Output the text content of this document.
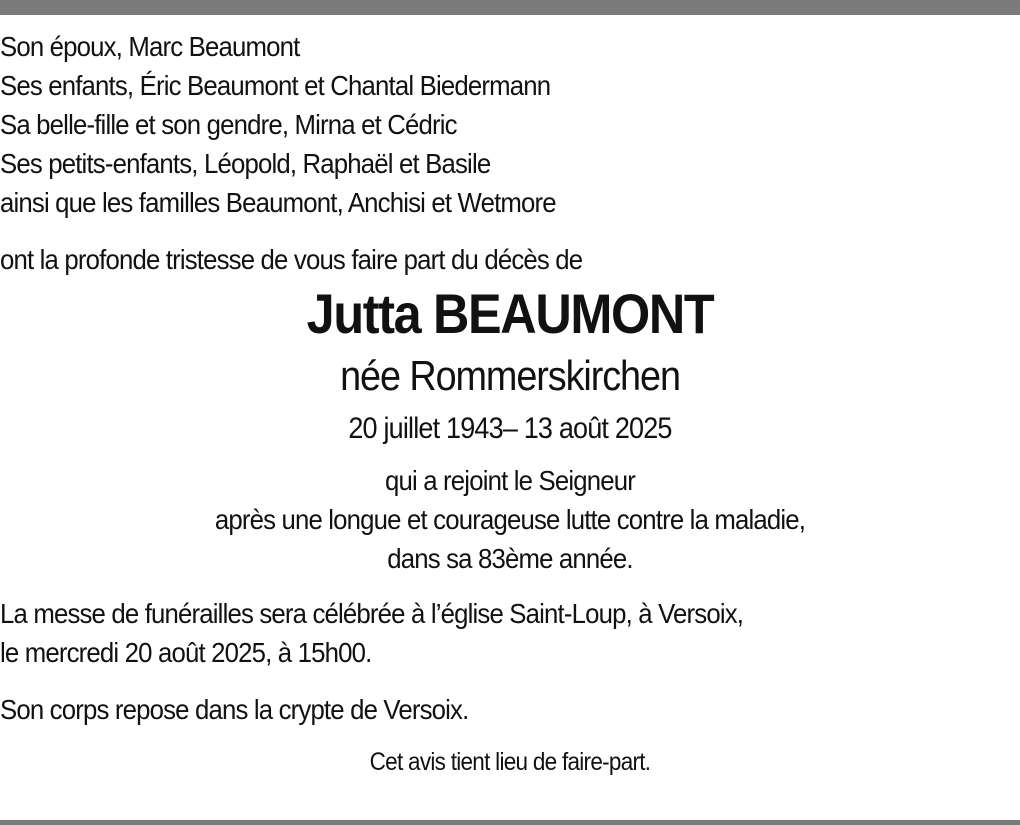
Son époux, Marc Beaumont
Ses enfants, Éric Beaumont et Chantal Biedermann
Sa belle-fille et son gendre, Mirna et Cédric
Ses petits-enfants, Léopold, Raphaël et Basile
ainsi que les familles Beaumont, Anchisi et Wetmore
ont la profonde tristesse de vous faire part du décès de
Jutta BEAUMONT
née Rommerskirchen
20 juillet 1943– 13 août 2025
qui a rejoint le Seigneur
après une longue et courageuse lutte contre la maladie,
dans sa 83ème année.
La messe de funérailles sera célébrée à l’église Saint-Loup, à Versoix,
le mercredi 20 août 2025, à 15h00.
Son corps repose dans la crypte de Versoix.
Cet avis tient lieu de faire-part.
